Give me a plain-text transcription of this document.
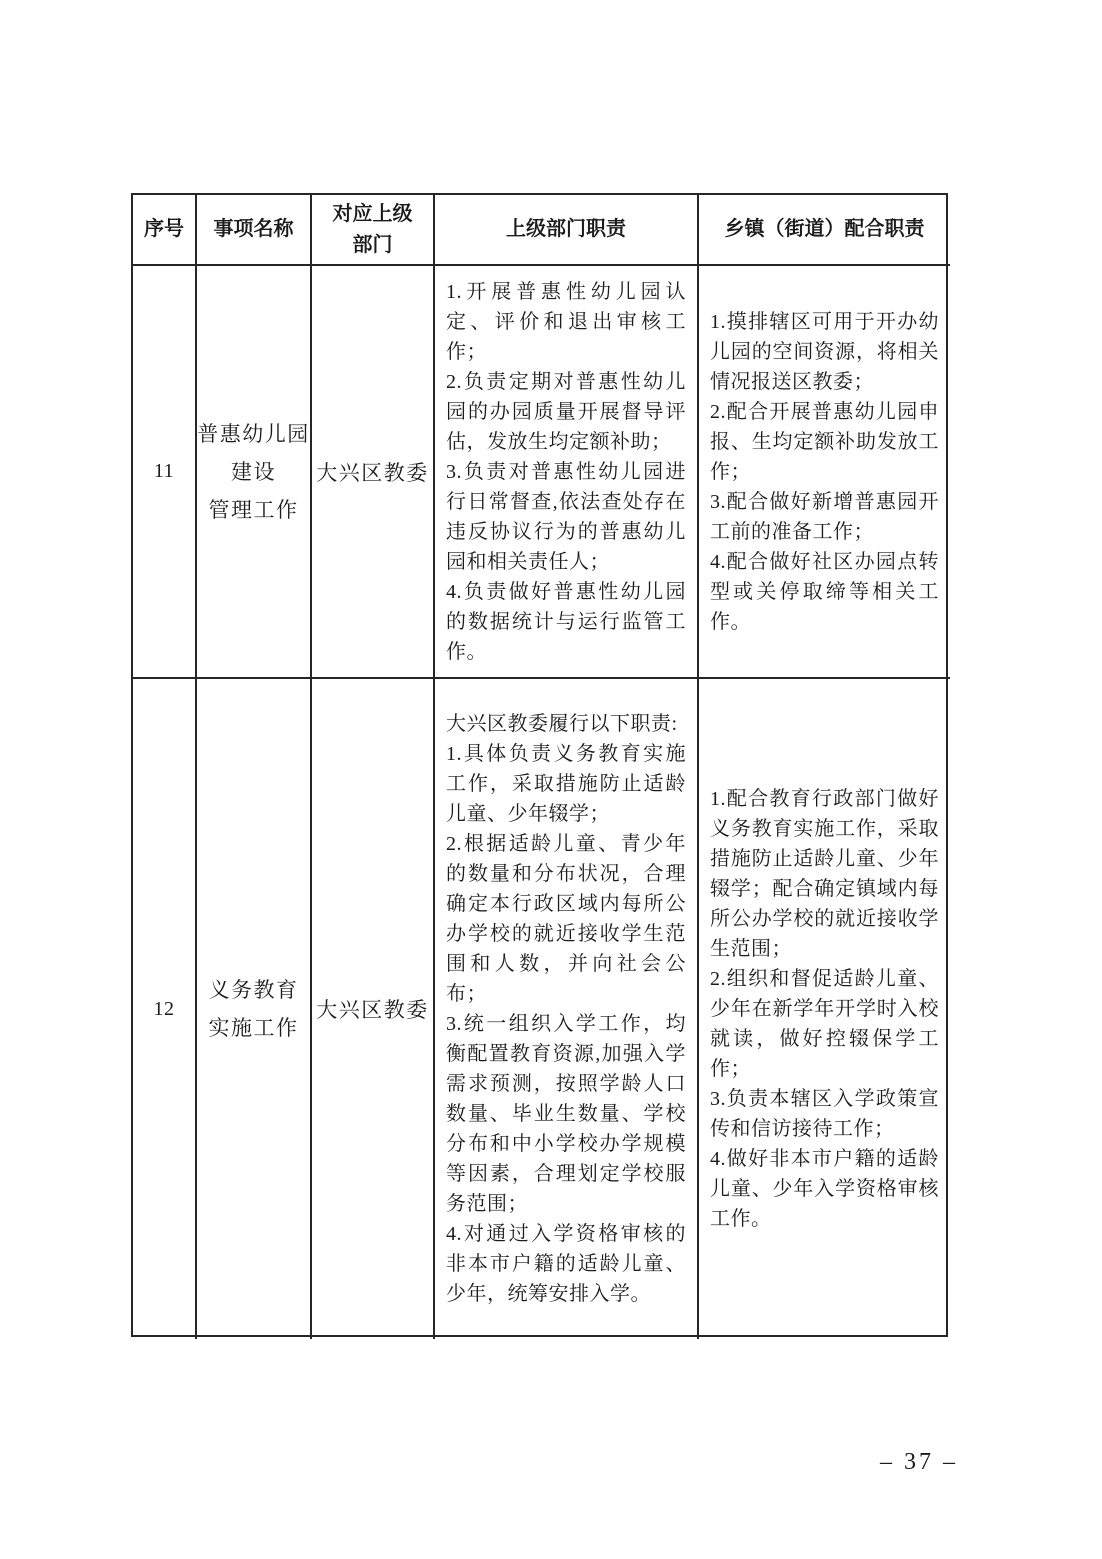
序号 事项名称
对应上级部门
上级部门职责	乡镇（街道）配合职责
11
普惠幼儿园
建设
管理工作
大兴区教委

1.开展普惠性幼儿园认定、评价和退出审核工作；

2.负责定期对普惠性幼儿园的办园质量开展督导评估，发放生均定额补助；

3.负责对普惠性幼儿园进行日常督查,依法查处存在违反协议行为的普惠幼儿园和相关责任人；

4.负责做好普惠性幼儿园的数据统计与运行监管工作。

1.摸排辖区可用于开办幼儿园的空间资源，将相关情况报送区教委；

2.配合开展普惠幼儿园申报、生均定额补助发放工作；

3.配合做好新增普惠园开工前的准备工作；

4.配合做好社区办园点转型或关停取缔等相关工作。

12
义务教育
实施工作
大兴区教委

大兴区教委履行以下职责:

1.具体负责义务教育实施工作，采取措施防止适龄儿童、少年辍学；

2.根据适龄儿童、青少年的数量和分布状况，合理确定本行政区域内每所公办学校的就近接收学生范围和人数，并向社会公布；

3.统一组织入学工作，均衡配置教育资源,加强入学需求预测，按照学龄人口数量、毕业生数量、学校分布和中小学校办学规模等因素，合理划定学校服务范围；

4.对通过入学资格审核的非本市户籍的适龄儿童、少年，统筹安排入学。

1.配合教育行政部门做好义务教育实施工作，采取措施防止适龄儿童、少年辍学；配合确定镇域内每所公办学校的就近接收学生范围；

2.组织和督促适龄儿童、少年在新学年开学时入校就读，做好控辍保学工作；

3.负责本辖区入学政策宣传和信访接待工作；

4.做好非本市户籍的适龄儿童、少年入学资格审核工作。

– 37 –
